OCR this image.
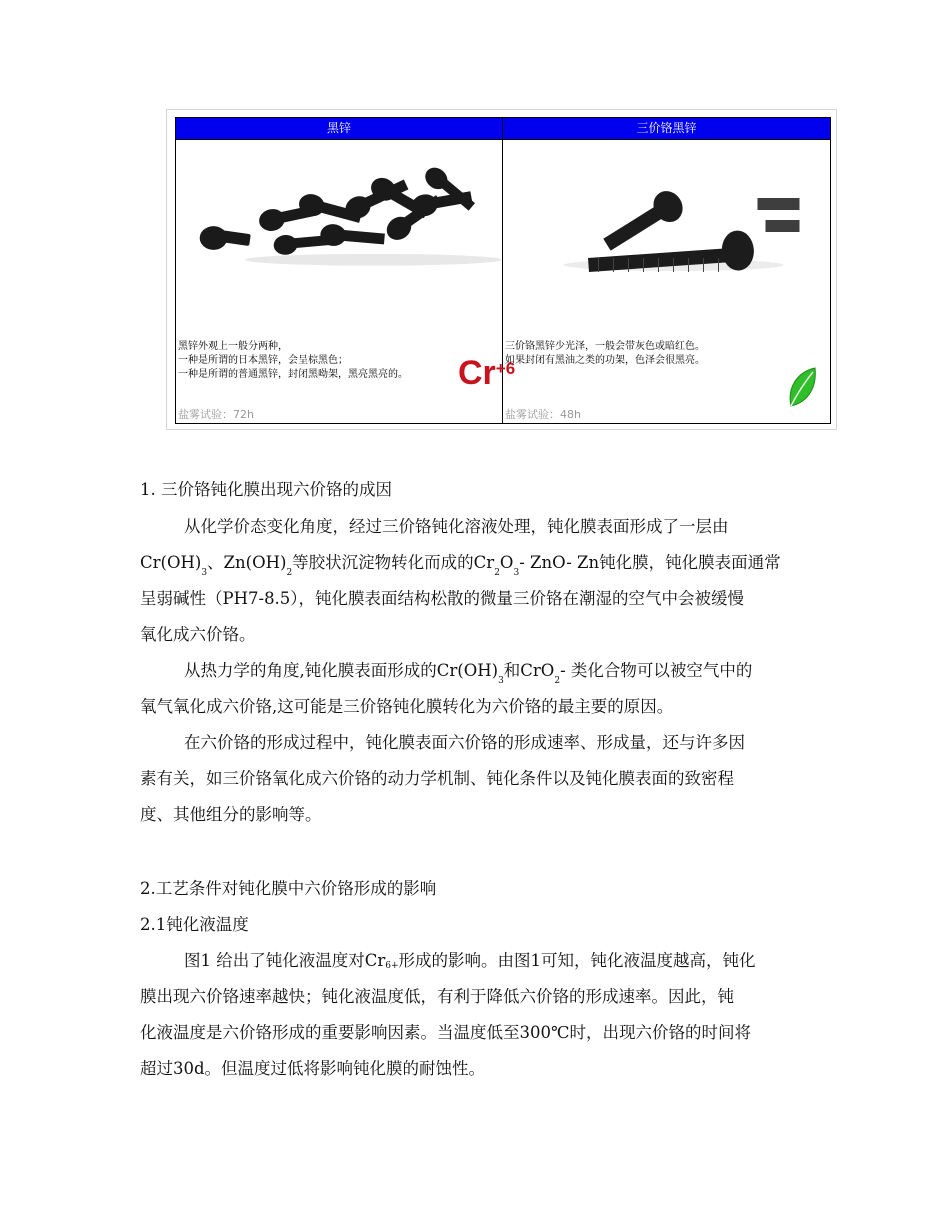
黑锌
黑锌外观上一般分两种，
一种是所谓的日本黑锌，会呈棕黑色；
一种是所谓的普通黑锌，封闭黑呦架，黑亮黑亮的。
盐雾试验：72h
$Cr^{+6}$
三价铬黑锌
三价铬黑锌少光泽，一般会带灰色或暗红色。
如果封闭有黑油之类的功架，色泽会很黑亮。
盐雾试验：48h
1. 三价铬钝化膜出现六价铬的成因
从化学价态变化角度，经过三价铬钝化溶液处理，钝化膜表面形成了一层由
$Cr(OH)_3$、$Zn(OH)_2$等胶状沉淀物转化而成的$Cr_2O_3-$ ZnO- Zn钝化膜，钝化膜表面通常
呈弱碱性（PH7-8.5），钝化膜表面结构松散的微量三价铬在潮湿的空气中会被缓慢
氧化成六价铬。
从热力学的角度,钝化膜表面形成的$Cr(OH)_3$和CrO$_2$- 类化合物可以被空气中的
氧气氧化成六价铬,这可能是三价铬钝化膜转化为六价铬的最主要的原因。
在六价铬的形成过程中，钝化膜表面六价铬的形成速率、形成量，还与许多因
素有关，如三价铬氧化成六价铬的动力学机制、钝化条件以及钝化膜表面的致密程
度、其他组分的影响等。
2.工艺条件对钝化膜中六价铬形成的影响
2.1钝化液温度
图1 给出了钝化液温度对Cr6+形成的影响。由图1可知，钝化液温度越高，钝化
膜出现六价铬速率越快；钝化液温度低，有利于降低六价铬的形成速率。因此，钝
化液温度是六价铬形成的重要影响因素。当温度低至300℃时，出现六价铬的时间将
超过30d。但温度过低将影响钝化膜的耐蚀性。
